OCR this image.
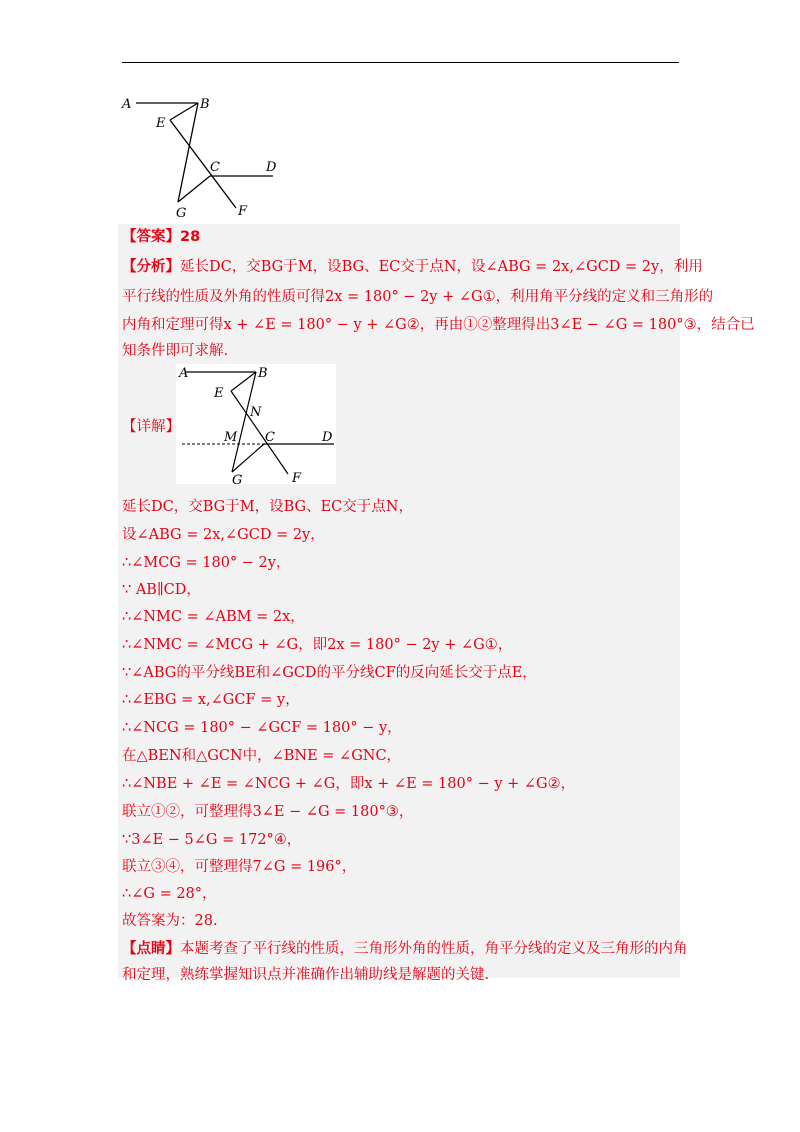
A	B
E
C	D
G	F
【答案】28
【分析】延长DC，交BG于M，设BG、EC交于点N，设∠ABG = 2x,∠GCD = 2y，利用
平行线的性质及外角的性质可得2x = 180° − 2y + ∠G①，利用角平分线的定义和三角形的
内角和定理可得x + ∠E = 180° − y + ∠G②，再由①②整理得出3∠E − ∠G = 180°③，结合已
知条件即可求解.
A	B
E
N
M C	D
G	F
【详解】
延长DC，交BG于M，设BG、EC交于点N，
设∠ABG = 2x,∠GCD = 2y，
∴∠MCG = 180° − 2y，
∵ AB∥CD，
∴∠NMC = ∠ABM = 2x，
∴∠NMC = ∠MCG + ∠G，即2x = 180° − 2y + ∠G①，
∵∠ABG的平分线BE和∠GCD的平分线CF的反向延长交于点E，
∴∠EBG = x,∠GCF = y，
∴∠NCG = 180° − ∠GCF = 180° − y，
在△BEN和△GCN中，∠BNE = ∠GNC，
∴∠NBE + ∠E = ∠NCG + ∠G，即x + ∠E = 180° − y + ∠G②，
联立①②，可整理得3∠E − ∠G = 180°③，
∵3∠E − 5∠G = 172°④，
联立③④，可整理得7∠G = 196°，
∴∠G = 28°，
故答案为：28.
【点睛】本题考查了平行线的性质，三角形外角的性质，角平分线的定义及三角形的内角
和定理，熟练掌握知识点并准确作出辅助线是解题的关键.
